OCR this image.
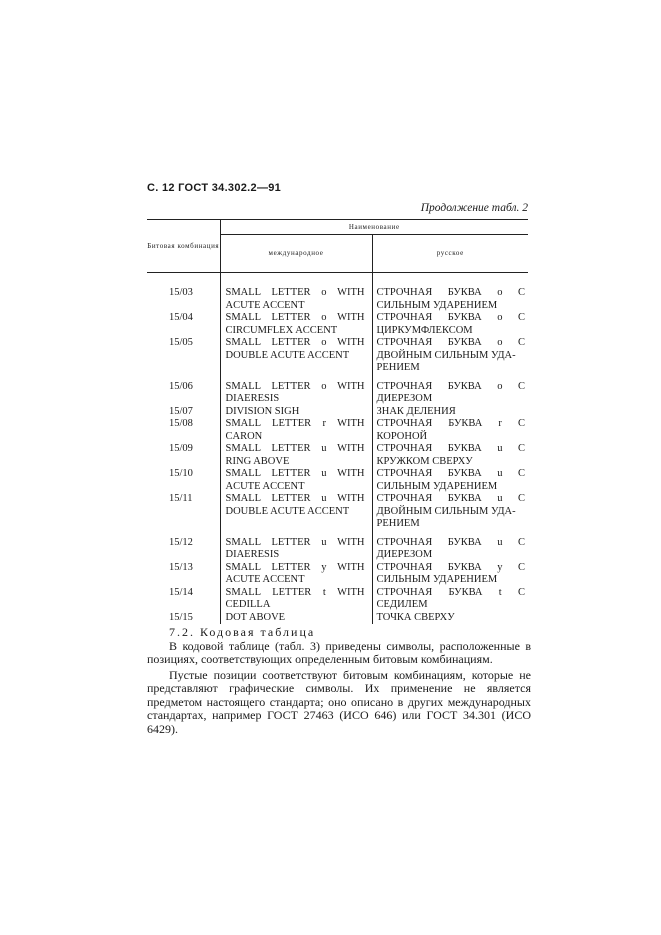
С. 12 ГОСТ 34.302.2—91
Продолжение табл. 2
Битовая комбинация	Наименование	
	международное	русское
15/03	SMALL LETTER o WITH
ACUTE ACCENT	СТРОЧНАЯ БУКВА о С
СИЛЬНЫМ УДАРЕНИЕМ

15/04	SMALL LETTER o WITH
CIRCUMFLEX ACCENT	СТРОЧНАЯ БУКВА о С
ЦИРКУМФЛЕКСОМ

15/05	SMALL LETTER o WITH
DOUBLE ACUTE ACCENT	СТРОЧНАЯ БУКВА о С
ДВОЙНЫМ СИЛЬНЫМ УДА-
РЕНИЕМ

15/06	SMALL LETTER o WITH
DIAERESIS	СТРОЧНАЯ БУКВА о С
ДИЕРЕЗОМ

15/07	DIVISION SIGH	ЗНАК ДЕЛЕНИЯ

15/08	SMALL LETTER r WITH
CARON	СТРОЧНАЯ БУКВА r С
КОРОНОЙ

15/09	SMALL LETTER u WITH
RING ABOVE	СТРОЧНАЯ БУКВА u С
КРУЖКОМ СВЕРХУ

15/10	SMALL LETTER u WITH
ACUTE ACCENT	СТРОЧНАЯ БУКВА u С
СИЛЬНЫМ УДАРЕНИЕМ

15/11	SMALL LETTER u WITH
DOUBLE ACUTE ACCENT	СТРОЧНАЯ БУКВА u С
ДВОЙНЫМ СИЛЬНЫМ УДА-
РЕНИЕМ

15/12	SMALL LETTER u WITH
DIAERESIS	СТРОЧНАЯ БУКВА u С
ДИЕРЕЗОМ

15/13	SMALL LETTER y WITH
ACUTE ACCENT	СТРОЧНАЯ БУКВА у С
СИЛЬНЫМ УДАРЕНИЕМ

15/14	SMALL LETTER t WITH
CEDILLA	СТРОЧНАЯ БУКВА t С
СЕДИЛЕМ

15/15	DOT ABOVE	ТОЧКА СВЕРХУ
7.2. Кодовая таблица

В кодовой таблице (табл. 3) приведены символы, расположенные в позициях, соответствующих определенным битовым комбинациям.

Пустые позиции соответствуют битовым комбинациям, которые не представляют графические символы. Их применение не является предметом настоящего стандарта; оно описано в других международных стандартах, например ГОСТ 27463 (ИСО 646) или ГОСТ 34.301 (ИСО 6429).
